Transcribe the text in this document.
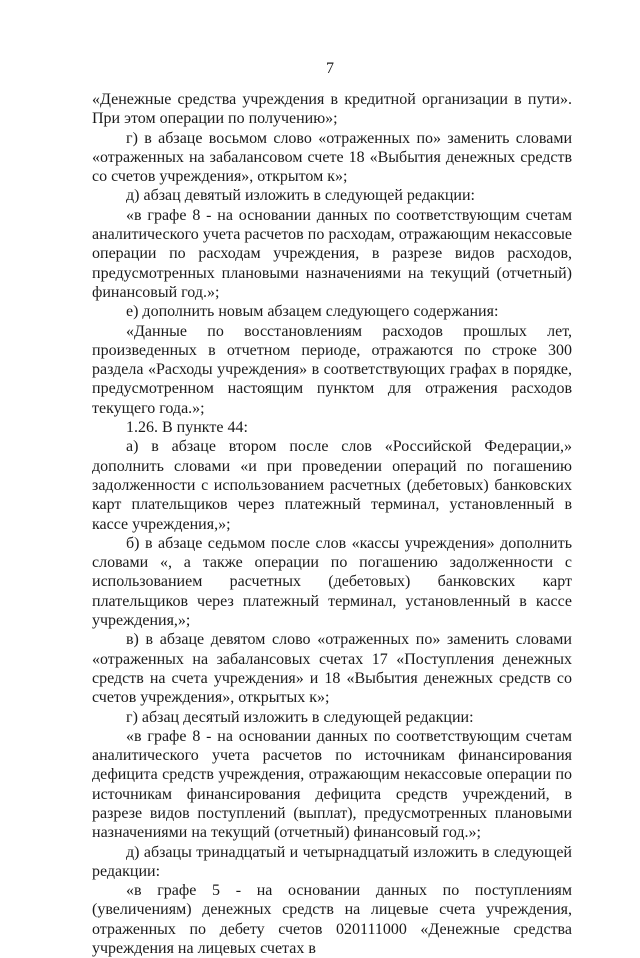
7

«Денежные средства учреждения в кредитной организации в пути». При этом операции по получению»;

г) в абзаце восьмом слово «отраженных по» заменить словами «отраженных на забалансовом счете 18 «Выбытия денежных средств со счетов учреждения», открытом к»;

д) абзац девятый изложить в следующей редакции:

«в графе 8 - на основании данных по соответствующим счетам аналитического учета расчетов по расходам, отражающим некассовые операции по расходам учреждения, в разрезе видов расходов, предусмотренных плановыми назначениями на текущий (отчетный) финансовый год.»;

е) дополнить новым абзацем следующего содержания:

«Данные по восстановлениям расходов прошлых лет, произведенных в отчетном периоде, отражаются по строке 300 раздела «Расходы учреждения» в соответствующих графах в порядке, предусмотренном настоящим пунктом для отражения расходов текущего года.»;

1.26. В пункте 44:

а) в абзаце втором после слов «Российской Федерации,» дополнить словами «и при проведении операций по погашению задолженности с использованием расчетных (дебетовых) банковских карт плательщиков через платежный терминал, установленный в кассе учреждения,»;

б) в абзаце седьмом после слов «кассы учреждения» дополнить словами «, а также операции по погашению задолженности с использованием расчетных (дебетовых) банковских карт плательщиков через платежный терминал, установленный в кассе учреждения,»;

в) в абзаце девятом слово «отраженных по» заменить словами «отраженных на забалансовых счетах 17 «Поступления денежных средств на счета учреждения» и 18 «Выбытия денежных средств со счетов учреждения», открытых к»;

г) абзац десятый изложить в следующей редакции:

«в графе 8 - на основании данных по соответствующим счетам аналитического учета расчетов по источникам финансирования дефицита средств учреждения, отражающим некассовые операции по источникам финансирования дефицита средств учреждений, в разрезе видов поступлений (выплат), предусмотренных плановыми назначениями на текущий (отчетный) финансовый год.»;

д) абзацы тринадцатый и четырнадцатый изложить в следующей редакции:

«в графе 5 - на основании данных по поступлениям (увеличениям) денежных средств на лицевые счета учреждения, отраженных по дебету счетов 020111000 «Денежные средства учреждения на лицевых счетах в
